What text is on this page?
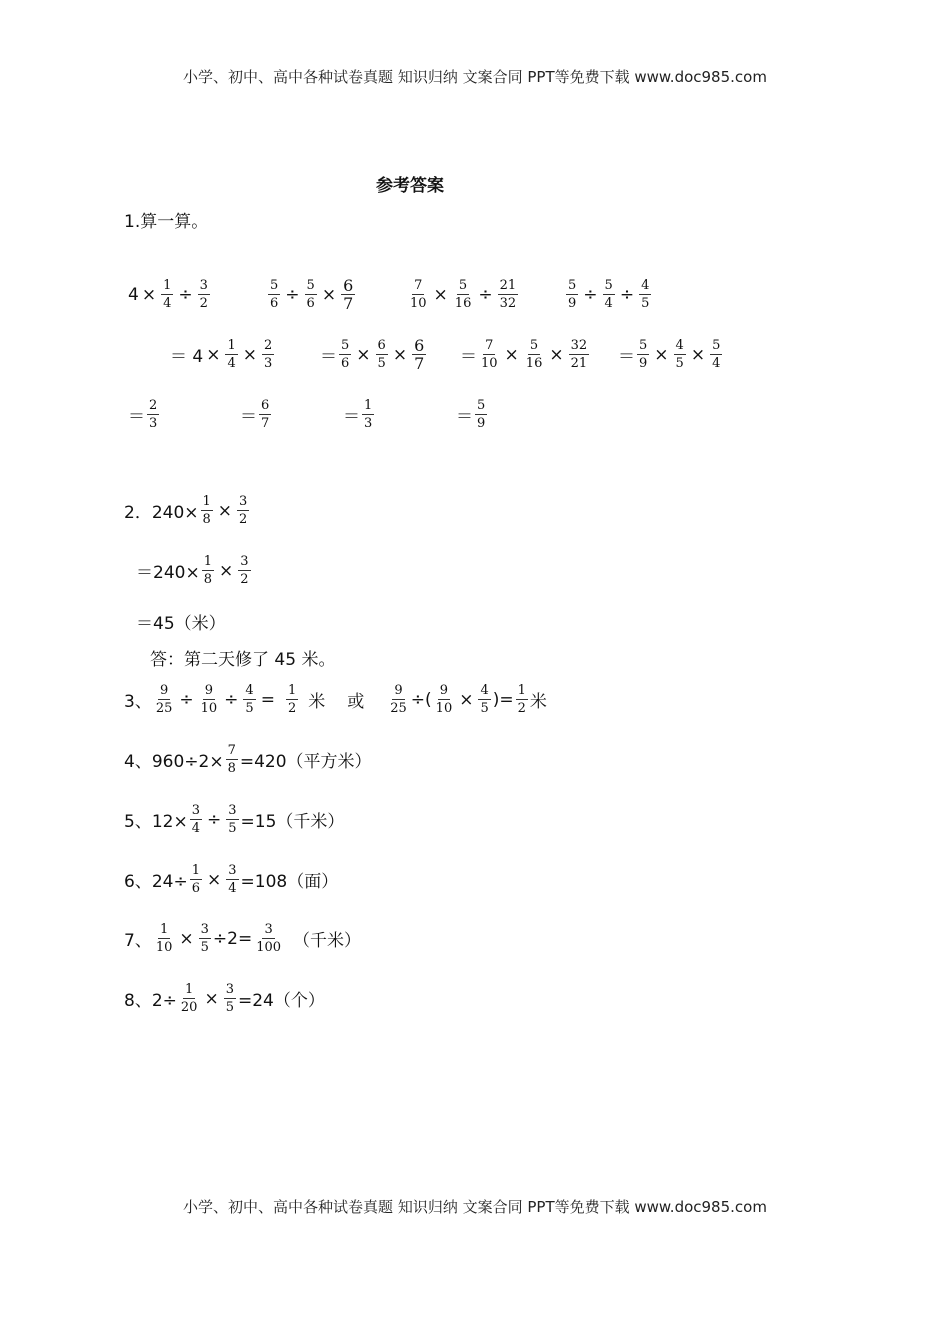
小学、初中、高中各种试卷真题 知识归纳 文案合同 PPT等免费下载 www.doc985.com
参考答案
1.算一算。
$4 \times \frac{1}{4} \div \frac{3}{2}$
＝ $4 \times \frac{1}{4} \times \frac{2}{3}$
＝ $\frac{2}{3}$
$\frac{5}{6} \div \frac{5}{6} \times \frac{6}{7}$
＝ $\frac{5}{6} \times \frac{6}{5} \times \frac{6}{7}$
＝ $\frac{6}{7}$
$\frac{7}{10} \times \frac{5}{16} \div \frac{21}{32}$
＝ $\frac{7}{10} \times \frac{5}{16} \times \frac{32}{21}$
＝ $\frac{1}{3}$
$\frac{5}{9} \div \frac{5}{4} \div \frac{4}{5}$
＝ $\frac{5}{9} \times \frac{4}{5} \times \frac{5}{4}$
＝ $\frac{5}{9}$
2．$240\times \frac{1}{8} \times \frac{3}{2}$
$=240\times \frac{1}{8} \times \frac{3}{2}$
＝45（米）
答：第二天修了 45 米。
3、 $\frac{9}{25} \div \frac{9}{10} \div \frac{4}{5} = \frac{1}{2}$ 米 或 $\frac{9}{25}$ ÷( $\frac{9}{10} \times \frac{4}{5}$ )= $\frac{1}{2}$ 米
4、$960\div 2\times \frac{7}{8} =420$（平方米）
5、$12\times \frac{3}{4} \div \frac{3}{5} =15$（千米）
6、$24\div \frac{1}{6} \times \frac{3}{4} =108$（面）
7、 $\frac{1}{10} \times \frac{3}{5} \div 2= \frac{3}{100}$ （千米）
8、$2\div \frac{1}{20} \times \frac{3}{5} =24$（个）
小学、初中、高中各种试卷真题 知识归纳 文案合同 PPT等免费下载 www.doc985.com
